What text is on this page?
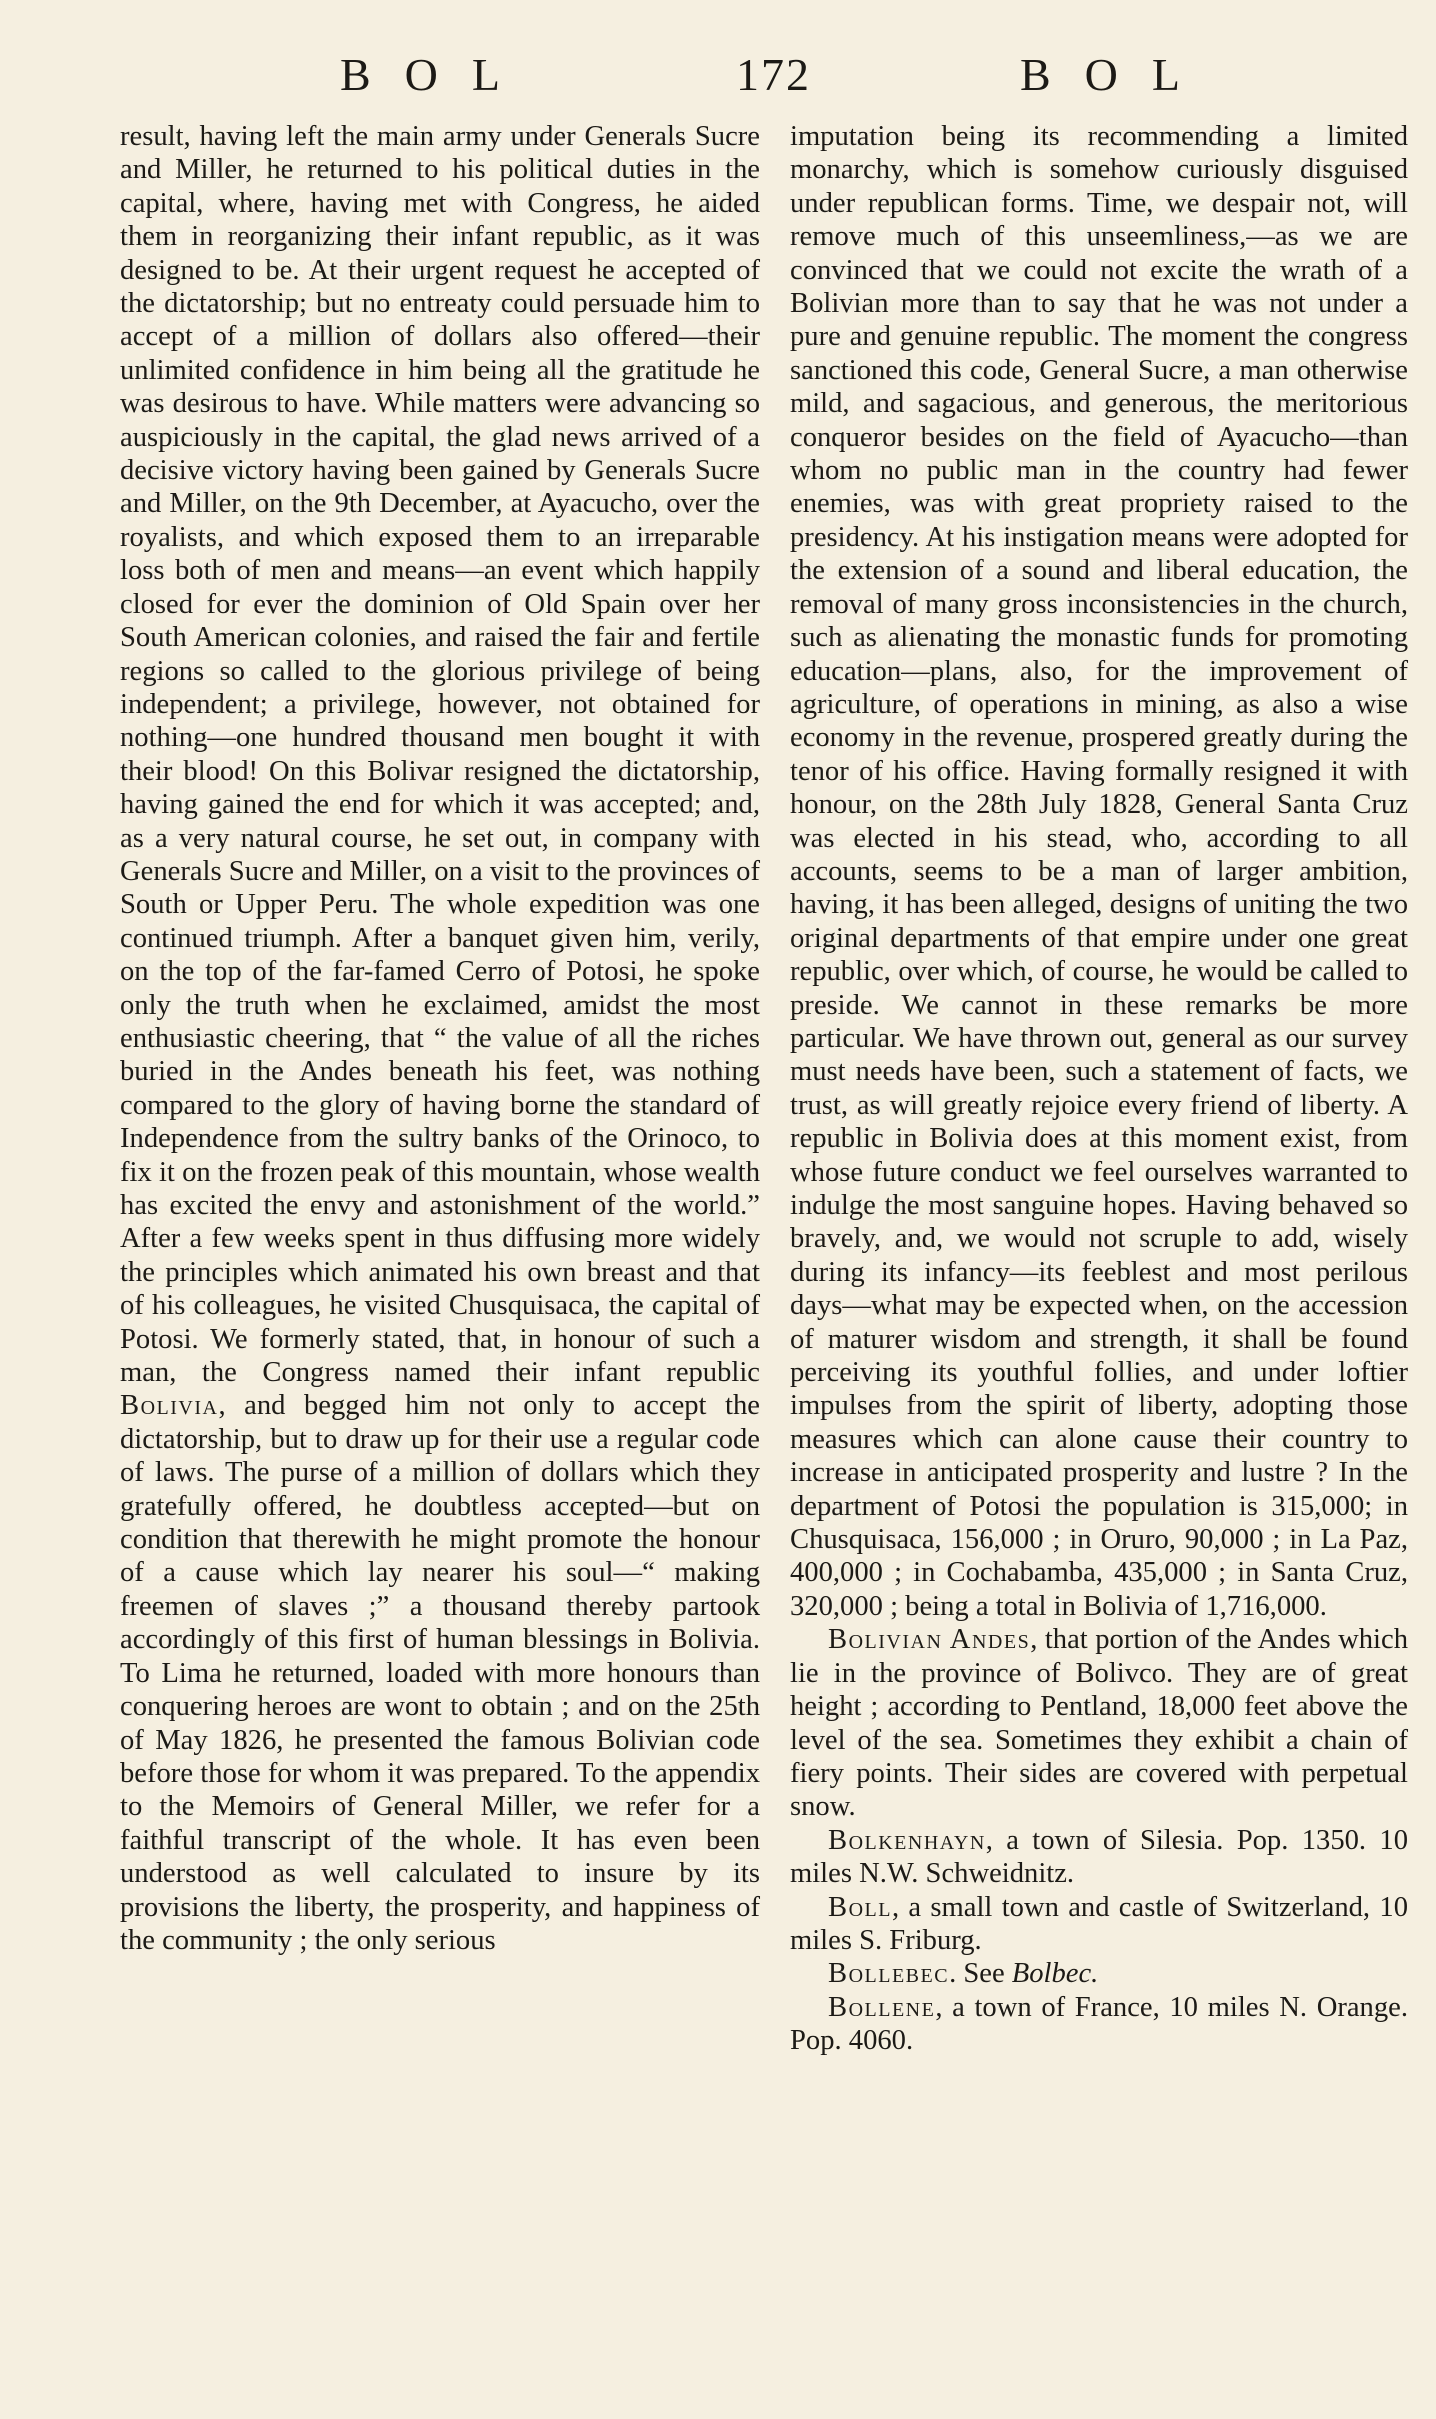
BOL	172	BOL

result, having left the main army under Generals Sucre and Miller, he returned to his political duties in the capital, where, having met with Congress, he aided them in reorganizing their infant republic, as it was designed to be. At their urgent request he accepted of the dictatorship; but no entreaty could persuade him to accept of a million of dollars also offered—their unlimited confidence in him being all the gratitude he was desirous to have. While matters were advancing so auspiciously in the capital, the glad news arrived of a decisive victory having been gained by Generals Sucre and Miller, on the 9th December, at Ayacucho, over the royalists, and which exposed them to an irreparable loss both of men and means—an event which happily closed for ever the dominion of Old Spain over her South American colonies, and raised the fair and fertile regions so called to the glorious privilege of being independent; a privilege, however, not obtained for nothing—one hundred thousand men bought it with their blood! On this Bolivar resigned the dictatorship, having gained the end for which it was accepted; and, as a very natural course, he set out, in company with Generals Sucre and Miller, on a visit to the provinces of South or Upper Peru. The whole expedition was one continued triumph. After a banquet given him, verily, on the top of the far-famed Cerro of Potosi, he spoke only the truth when he exclaimed, amidst the most enthusiastic cheering, that “ the value of all the riches buried in the Andes beneath his feet, was nothing compared to the glory of having borne the standard of Independence from the sultry banks of the Orinoco, to fix it on the frozen peak of this mountain, whose wealth has excited the envy and astonishment of the world.” After a few weeks spent in thus diffusing more widely the principles which animated his own breast and that of his colleagues, he visited Chusquisaca, the capital of Potosi. We formerly stated, that, in honour of such a man, the Congress named their infant republic Bolivia, and begged him not only to accept the dictatorship, but to draw up for their use a regular code of laws. The purse of a million of dollars which they gratefully offered, he doubtless accepted—but on condition that therewith he might promote the honour of a cause which lay nearer his soul—“ making freemen of slaves ;” a thousand thereby partook accordingly of this first of human blessings in Bolivia. To Lima he returned, loaded with more honours than conquering heroes are wont to obtain ; and on the 25th of May 1826, he presented the famous Bolivian code before those for whom it was prepared. To the appendix to the Memoirs of General Miller, we refer for a faithful transcript of the whole. It has even been understood as well calculated to insure by its provisions the liberty, the prosperity, and happiness of the community ; the only serious

imputation being its recommending a limited monarchy, which is somehow curiously disguised under republican forms. Time, we despair not, will remove much of this unseemliness,—as we are convinced that we could not excite the wrath of a Bolivian more than to say that he was not under a pure and genuine republic. The moment the congress sanctioned this code, General Sucre, a man otherwise mild, and sagacious, and generous, the meritorious conqueror besides on the field of Ayacucho—than whom no public man in the country had fewer enemies, was with great propriety raised to the presidency. At his instigation means were adopted for the extension of a sound and liberal education, the removal of many gross inconsistencies in the church, such as alienating the monastic funds for promoting education—plans, also, for the improvement of agriculture, of operations in mining, as also a wise economy in the revenue, prospered greatly during the tenor of his office. Having formally resigned it with honour, on the 28th July 1828, General Santa Cruz was elected in his stead, who, according to all accounts, seems to be a man of larger ambition, having, it has been alleged, designs of uniting the two original departments of that empire under one great republic, over which, of course, he would be called to preside. We cannot in these remarks be more particular. We have thrown out, general as our survey must needs have been, such a statement of facts, we trust, as will greatly rejoice every friend of liberty. A republic in Bolivia does at this moment exist, from whose future conduct we feel ourselves warranted to indulge the most sanguine hopes. Having behaved so bravely, and, we would not scruple to add, wisely during its infancy—its feeblest and most perilous days—what may be expected when, on the accession of maturer wisdom and strength, it shall be found perceiving its youthful follies, and under loftier impulses from the spirit of liberty, adopting those measures which can alone cause their country to increase in anticipated prosperity and lustre ? In the department of Potosi the population is 315,000; in Chusquisaca, 156,000 ; in Oruro, 90,000 ; in La Paz, 400,000 ; in Cochabamba, 435,000 ; in Santa Cruz, 320,000 ; being a total in Bolivia of 1,716,000.

Bolivian Andes, that portion of the Andes which lie in the province of Bolivco. They are of great height ; according to Pentland, 18,000 feet above the level of the sea. Sometimes they exhibit a chain of fiery points. Their sides are covered with perpetual snow.

Bolkenhayn, a town of Silesia. Pop. 1350. 10 miles N.W. Schweidnitz.

Boll, a small town and castle of Switzerland, 10 miles S. Friburg.

Bollebec. See Bolbec.

Bollene, a town of France, 10 miles N. Orange. Pop. 4060.
